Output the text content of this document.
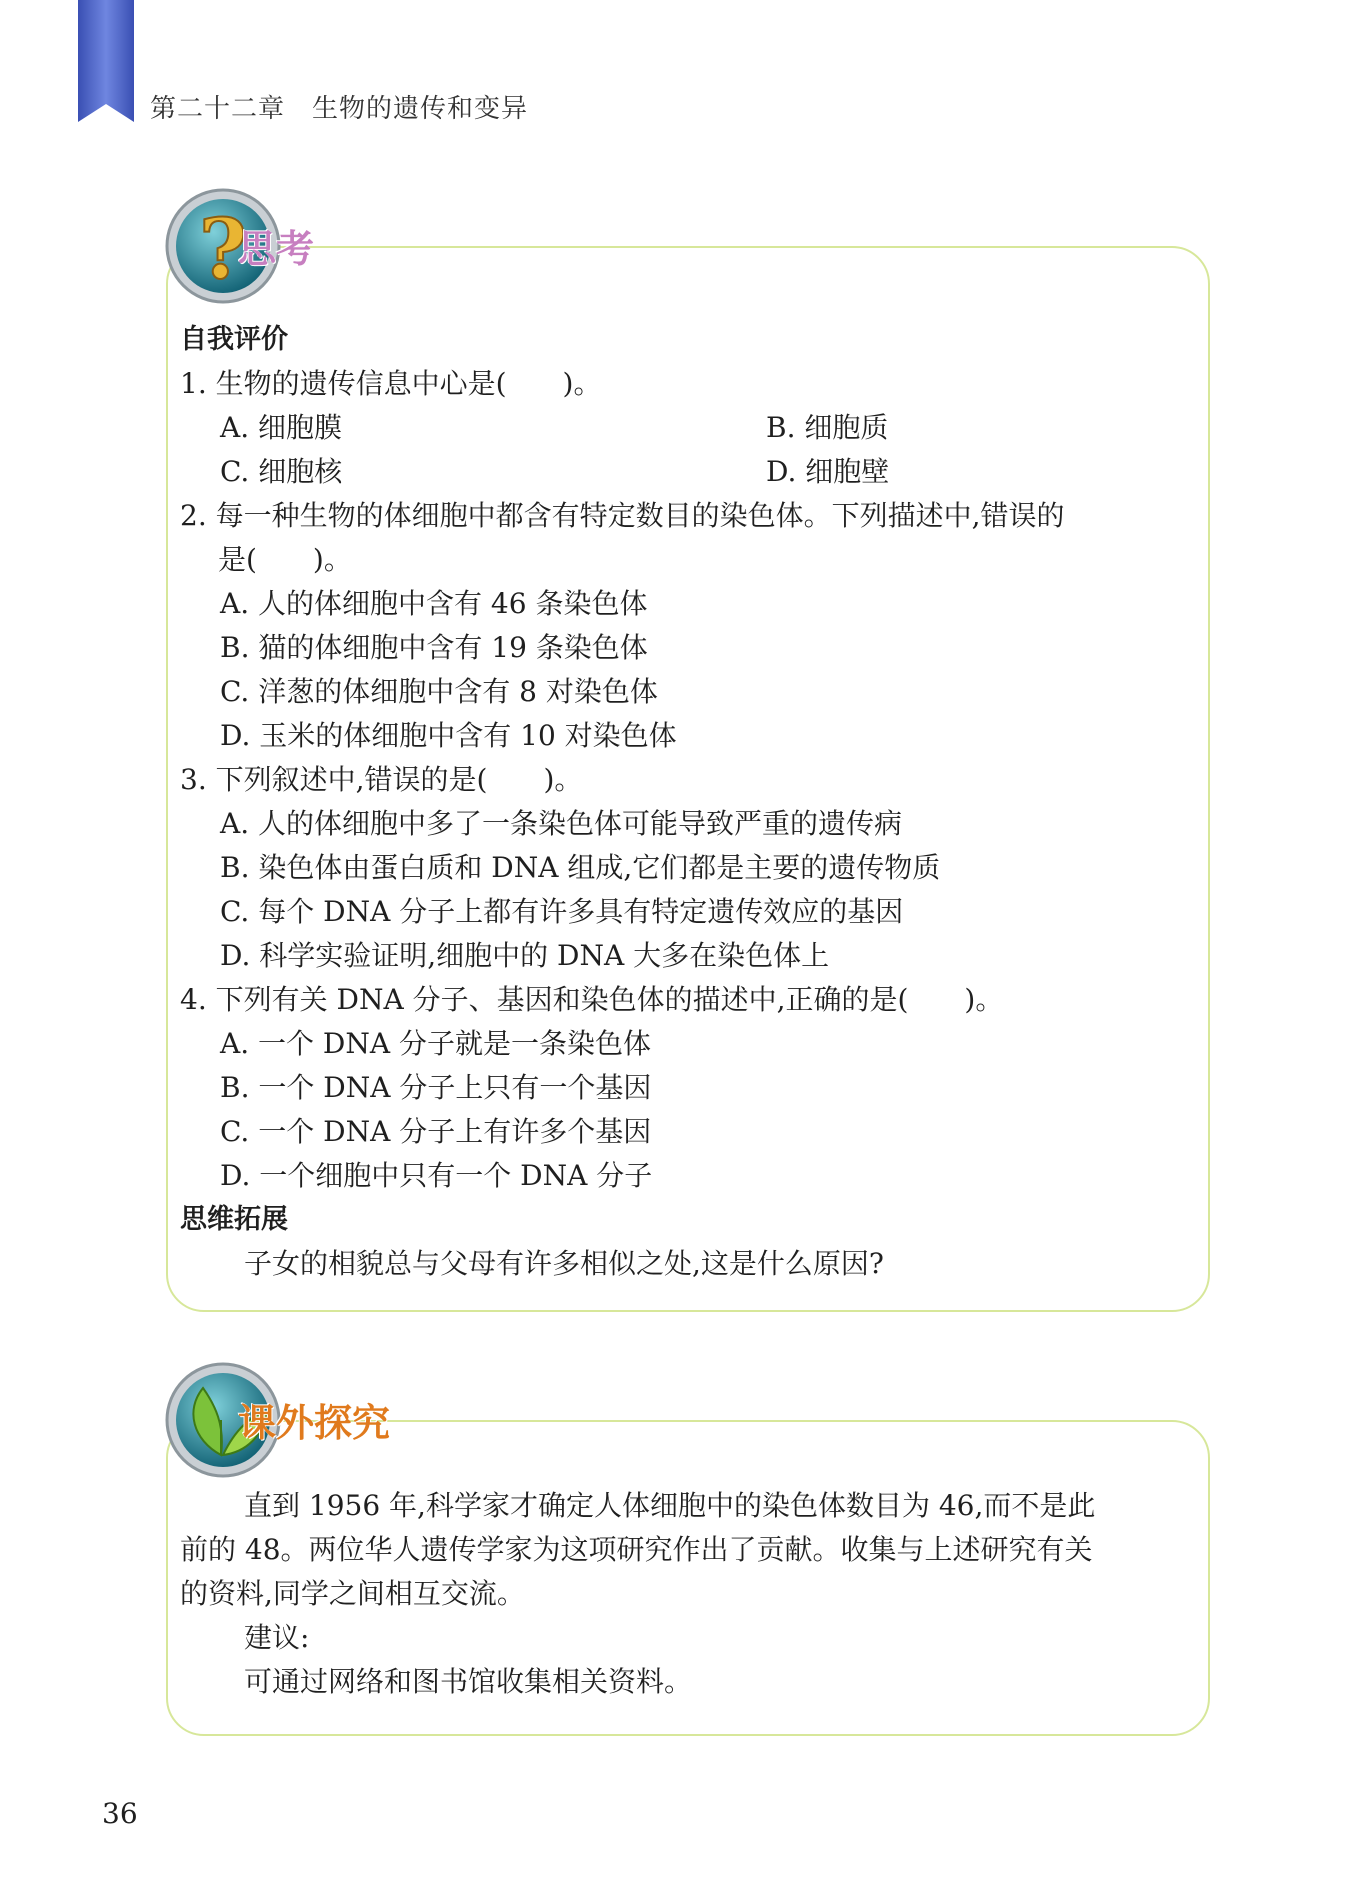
第二十二章　 生物的遗传和变异
?
思考
自我评价
1. 生物的遗传信息中心是(　　)。
A. 细胞膜	B. 细胞质
C. 细胞核	D. 细胞壁
2. 每一种生物的体细胞中都含有特定数目的染色体。下列描述中,错误的
是(　　)。
A. 人的体细胞中含有 46 条染色体
B. 猫的体细胞中含有 19 条染色体
C. 洋葱的体细胞中含有 8 对染色体
D. 玉米的体细胞中含有 10 对染色体
3. 下列叙述中,错误的是(　　)。
A. 人的体细胞中多了一条染色体可能导致严重的遗传病
B. 染色体由蛋白质和 DNA 组成,它们都是主要的遗传物质
C. 每个 DNA 分子上都有许多具有特定遗传效应的基因
D. 科学实验证明,细胞中的 DNA 大多在染色体上
4. 下列有关 DNA 分子、基因和染色体的描述中,正确的是(　　)。
A. 一个 DNA 分子就是一条染色体
B. 一个 DNA 分子上只有一个基因
C. 一个 DNA 分子上有许多个基因
D. 一个细胞中只有一个 DNA 分子
思维拓展
子女的相貌总与父母有许多相似之处,这是什么原因?
课外探究
直到 1956 年,科学家才确定人体细胞中的染色体数目为 46,而不是此
前的 48。两位华人遗传学家为这项研究作出了贡献。收集与上述研究有关
的资料,同学之间相互交流。
建议:
可通过网络和图书馆收集相关资料。
36
